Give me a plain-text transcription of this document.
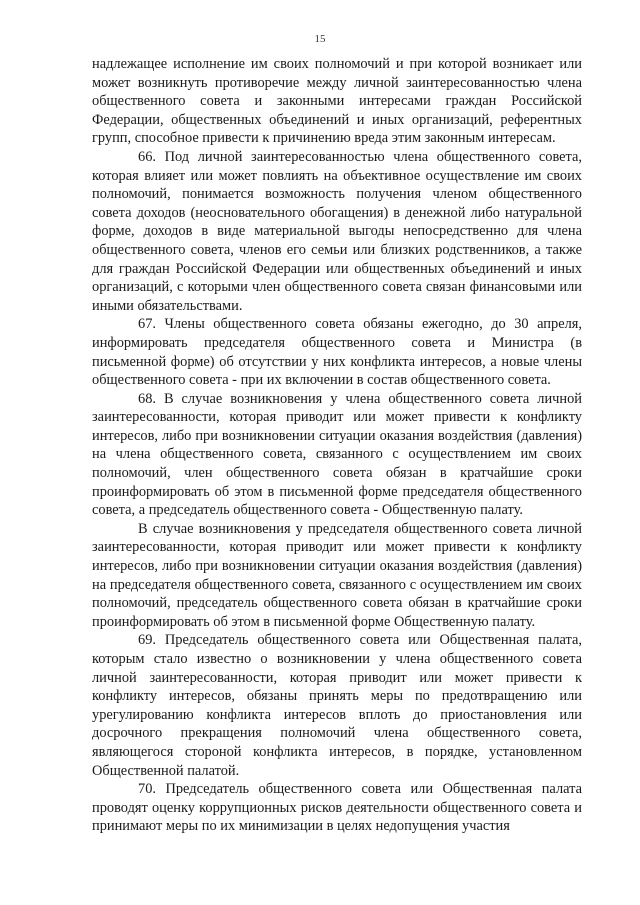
15

надлежащее исполнение им своих полномочий и при которой возникает или может возникнуть противоречие между личной заинтересованностью члена общественного совета и законными интересами граждан Российской Федерации, общественных объединений и иных организаций, референтных групп, способное привести к причинению вреда этим законным интересам.

66. Под личной заинтересованностью члена общественного совета, которая влияет или может повлиять на объективное осуществление им своих полномочий, понимается возможность получения членом общественного совета доходов (неосновательного обогащения) в денежной либо натуральной форме, доходов в виде материальной выгоды непосредственно для члена общественного совета, членов его семьи или близких родственников, а также для граждан Российской Федерации или общественных объединений и иных организаций, с которыми член общественного совета связан финансовыми или иными обязательствами.

67. Члены общественного совета обязаны ежегодно, до 30 апреля, информировать председателя общественного совета и Министра (в письменной форме) об отсутствии у них конфликта интересов, а новые члены общественного совета - при их включении в состав общественного совета.

68. В случае возникновения у члена общественного совета личной заинтересованности, которая приводит или может привести к конфликту интересов, либо при возникновении ситуации оказания воздействия (давления) на члена общественного совета, связанного с осуществлением им своих полномочий, член общественного совета обязан в кратчайшие сроки проинформировать об этом в письменной форме председателя общественного совета, а председатель общественного совета - Общественную палату.

В случае возникновения у председателя общественного совета личной заинтересованности, которая приводит или может привести к конфликту интересов, либо при возникновении ситуации оказания воздействия (давления) на председателя общественного совета, связанного с осуществлением им своих полномочий, председатель общественного совета обязан в кратчайшие сроки проинформировать об этом в письменной форме Общественную палату.

69. Председатель общественного совета или Общественная палата, которым стало известно о возникновении у члена общественного совета личной заинтересованности, которая приводит или может привести к конфликту интересов, обязаны принять меры по предотвращению или урегулированию конфликта интересов вплоть до приостановления или досрочного прекращения полномочий члена общественного совета, являющегося стороной конфликта интересов, в порядке, установленном Общественной палатой.

70. Председатель общественного совета или Общественная палата проводят оценку коррупционных рисков деятельности общественного совета и принимают меры по их минимизации в целях недопущения участия
